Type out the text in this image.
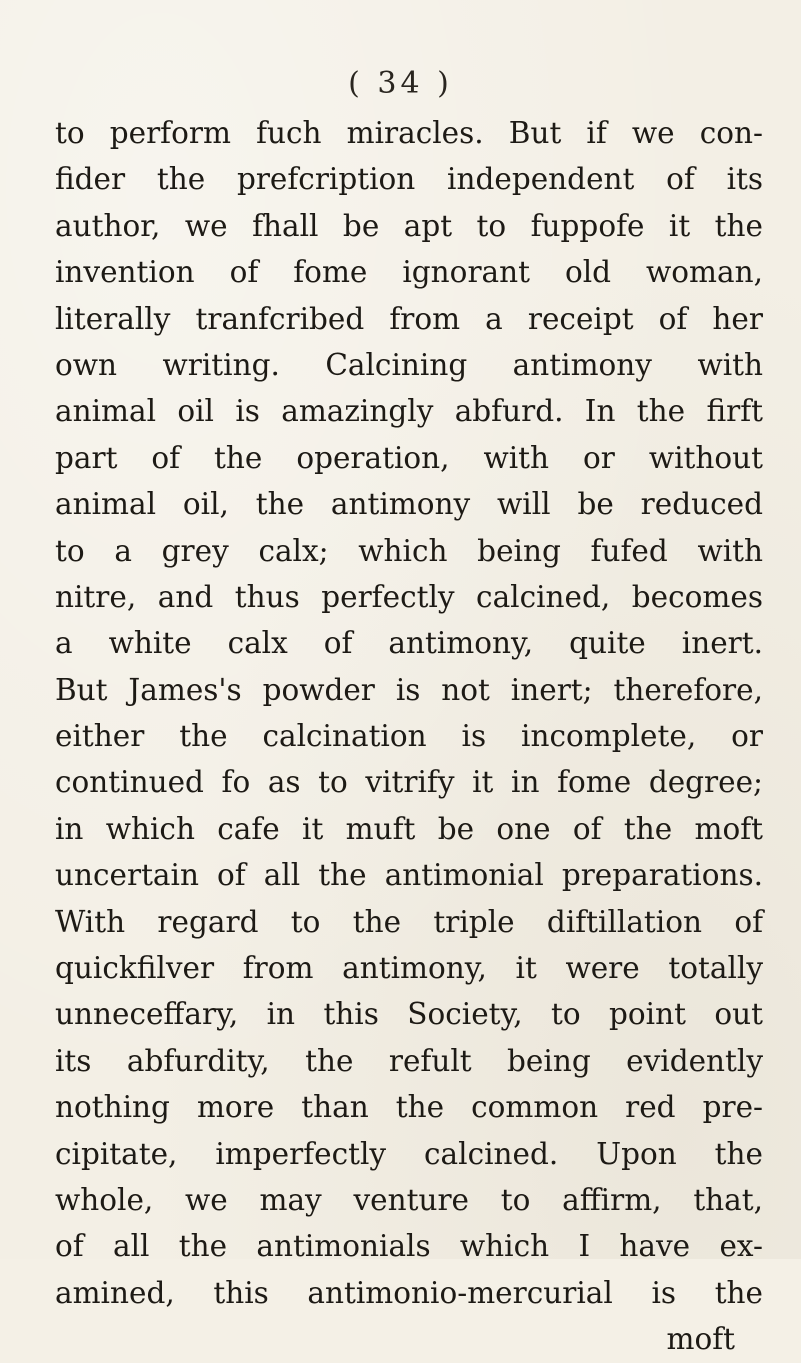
( 34 )
to perform fuch miracles. But if we con-
fider the prefcription independent of its
author, we fhall be apt to fuppofe it the
invention of fome ignorant old woman,
literally tranfcribed from a receipt of her
own writing. Calcining antimony with
animal oil is amazingly abfurd. In the firft
part of the operation, with or without
animal oil, the antimony will be reduced
to a grey calx; which being fufed with
nitre, and thus perfectly calcined, becomes
a white calx of antimony, quite inert.
But James's powder is not inert; therefore,
either the calcination is incomplete, or
continued fo as to vitrify it in fome degree;
in which cafe it muft be one of the moft
uncertain of all the antimonial preparations.
With regard to the triple diftillation of
quickfilver from antimony, it were totally
unneceffary, in this Society, to point out
its abfurdity, the refult being evidently
nothing more than the common red pre-
cipitate, imperfectly calcined. Upon the
whole, we may venture to affirm, that,
of all the antimonials which I have ex-
amined, this antimonio-mercurial is the
moft
